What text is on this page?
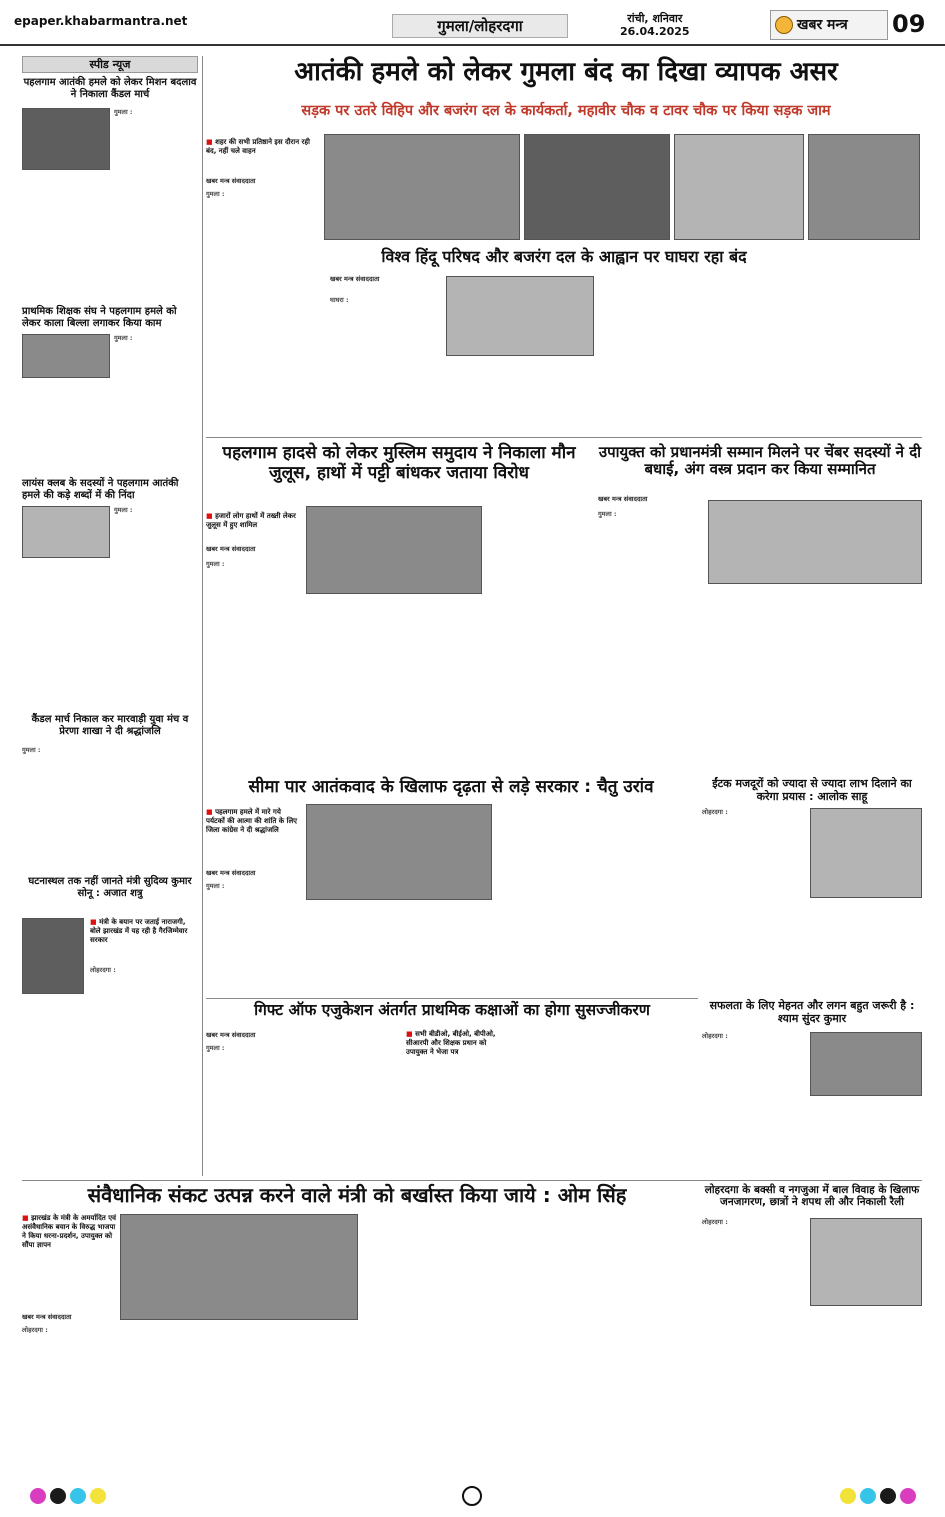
epaper.khabarmantra.net	गुमला/लोहरदगा	रांची, शनिवार
26.04.2025	खबर मन्त्र	09
स्पीड न्यूज
पहलगाम आतंकी हमले को लेकर मिशन बदलाव ने निकाला कैंडल मार्च
गुमला :
प्राथमिक शिक्षक संघ ने पहलगाम हमले को लेकर काला बिल्ला लगाकर किया काम
गुमला :
लायंस क्लब के सदस्यों ने पहलगाम आतंकी हमले की कड़े शब्दों में की निंदा
गुमला :
कैंडल मार्च निकाल कर मारवाड़ी युवा मंच व प्रेरणा शाखा ने दी श्रद्धांजलि
गुमला :
घटनास्थल तक नहीं जानते मंत्री सुदिव्य कुमार सोनू : अजात शत्रु
■ मंत्री के बयान पर जताई नाराजगी, बोले झारखंड में यह रही है गैरजिम्मेवार सरकार
लोहरदगा :
आतंकी हमले को लेकर गुमला बंद का दिखा व्यापक असर
सड़क पर उतरे विहिप और बजरंग दल के कार्यकर्ता, महावीर चौक व टावर चौक पर किया सड़क जाम
■ शहर की सभी प्रतिष्ठाने इस दौरान रही बंद, नहीं चले वाहन
खबर मन्त्र संवाददाता
गुमला :
विश्व हिंदू परिषद और बजरंग दल के आह्वान पर घाघरा रहा बंद
खबर मन्त्र संवाददाता
घाघरा :
पहलगाम हादसे को लेकर मुस्लिम समुदाय ने निकाला मौन जुलूस, हाथों में पट्टी बांधकर जताया विरोध
■ हजारों लोग हाथों में तख्ती लेकर जुलूस में हुए शामिल
खबर मन्त्र संवाददाता
गुमला :
उपायुक्त को प्रधानमंत्री सम्मान मिलने पर चेंबर सदस्यों ने दी बधाई, अंग वस्त्र प्रदान कर किया सम्मानित
खबर मन्त्र संवाददाता
गुमला :
सीमा पार आतंकवाद के खिलाफ दृढ़ता से लड़े सरकार : चैतु उरांव
■ पहलगाम हमले में मारे गये पर्यटकों की आत्मा की शांति के लिए जिला कांग्रेस ने दी श्रद्धांजलि
खबर मन्त्र संवाददाता
गुमला :
ईंटक मजदूरों को ज्यादा से ज्यादा लाभ दिलाने का करेगा प्रयास : आलोक साहू
लोहरदगा :
गिफ्ट ऑफ एजुकेशन अंतर्गत प्राथमिक कक्षाओं का होगा सुसज्जीकरण
खबर मन्त्र संवाददाता
गुमला :
■ सभी बीडीओ, बीईओ, बीपीओ, सीआरपी और शिक्षक प्रधान को उपायुक्त ने भेजा पत्र
सफलता के लिए मेहनत और लगन बहुत जरूरी है : श्याम सुंदर कुमार
लोहरदगा :
संवैधानिक संकट उत्पन्न करने वाले मंत्री को बर्खास्त किया जाये : ओम सिंह
■ झारखंड के मंत्री के अमर्यादित एवं असंवैधानिक बयान के विरुद्ध भाजपा ने किया धरना-प्रदर्शन, उपायुक्त को सौंपा ज्ञापन
खबर मन्त्र संवाददाता
लोहरदगा :
लोहरदगा के बक्सी व नगजुआ में बाल विवाह के खिलाफ जनजागरण, छात्रों ने शपथ ली और निकाली रैली
लोहरदगा :
